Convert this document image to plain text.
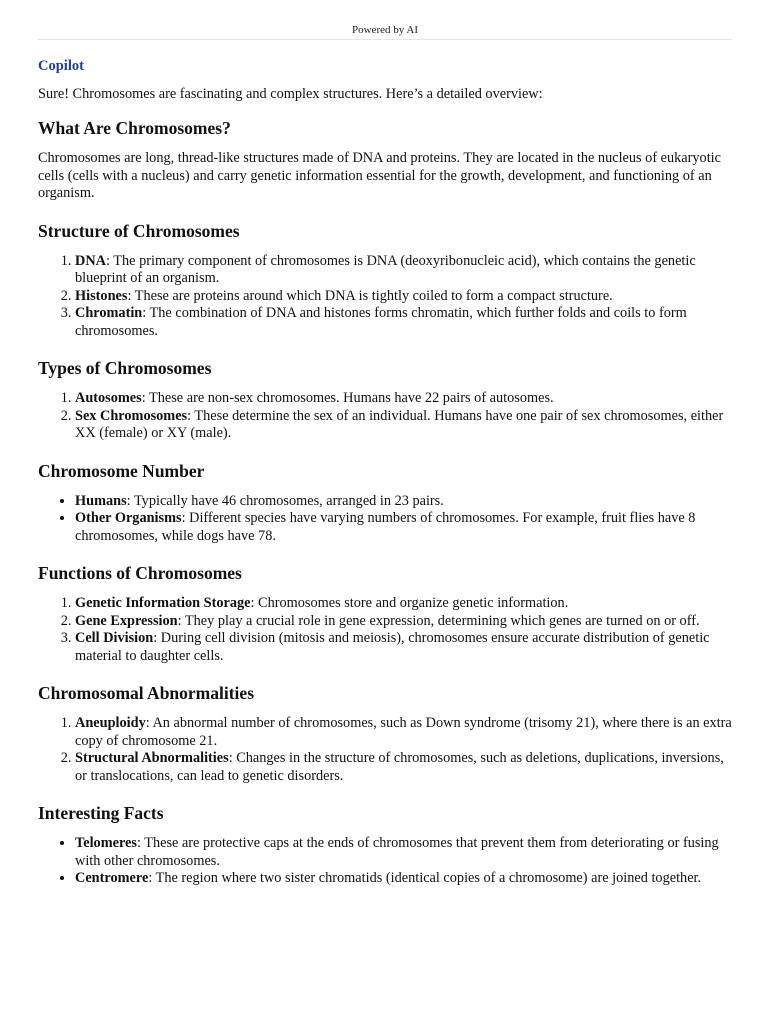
Powered by AI
Copilot

Sure! Chromosomes are fascinating and complex structures. Here’s a detailed overview:

What Are Chromosomes?

Chromosomes are long, thread-like structures made of DNA and proteins. They are located in the nucleus of eukaryotic cells (cells with a nucleus) and carry genetic information essential for the growth, development, and functioning of an organism.

Structure of Chromosomes
1. DNA: The primary component of chromosomes is DNA (deoxyribonucleic acid), which contains the genetic blueprint of an organism.
2. Histones: These are proteins around which DNA is tightly coiled to form a compact structure.
3. Chromatin: The combination of DNA and histones forms chromatin, which further folds and coils to form chromosomes.
Types of Chromosomes
1. Autosomes: These are non-sex chromosomes. Humans have 22 pairs of autosomes.
2. Sex Chromosomes: These determine the sex of an individual. Humans have one pair of sex chromosomes, either XX (female) or XY (male).
Chromosome Number
• Humans: Typically have 46 chromosomes, arranged in 23 pairs.
• Other Organisms: Different species have varying numbers of chromosomes. For example, fruit flies have 8 chromosomes, while dogs have 78.
Functions of Chromosomes
1. Genetic Information Storage: Chromosomes store and organize genetic information.
2. Gene Expression: They play a crucial role in gene expression, determining which genes are turned on or off.
3. Cell Division: During cell division (mitosis and meiosis), chromosomes ensure accurate distribution of genetic material to daughter cells.
Chromosomal Abnormalities
1. Aneuploidy: An abnormal number of chromosomes, such as Down syndrome (trisomy 21), where there is an extra copy of chromosome 21.
2. Structural Abnormalities: Changes in the structure of chromosomes, such as deletions, duplications, inversions, or translocations, can lead to genetic disorders.
Interesting Facts
• Telomeres: These are protective caps at the ends of chromosomes that prevent them from deteriorating or fusing with other chromosomes.
• Centromere: The region where two sister chromatids (identical copies of a chromosome) are joined together.
